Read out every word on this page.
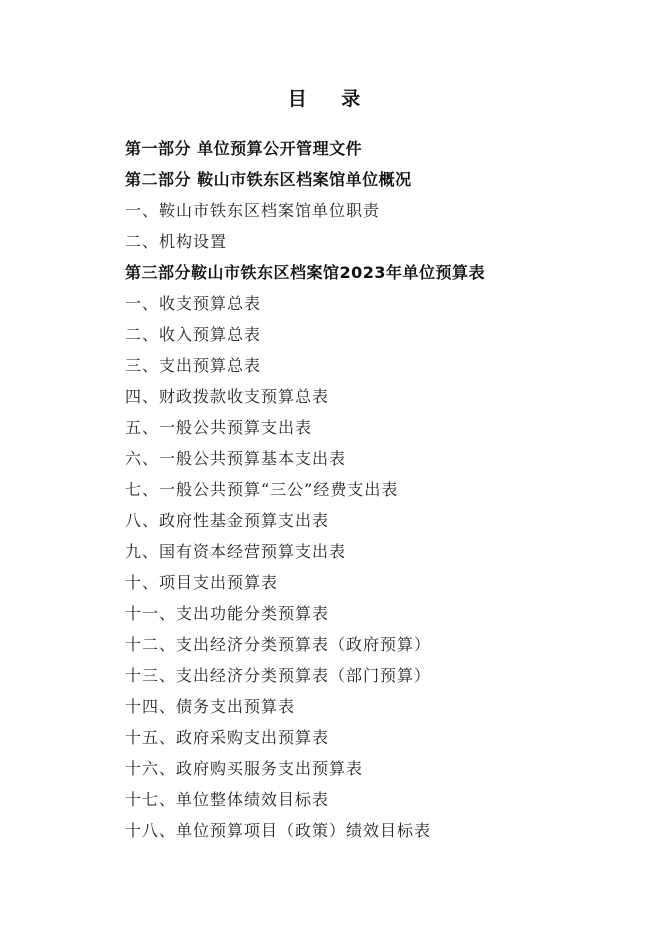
目 录
第一部分 单位预算公开管理文件
第二部分 鞍山市铁东区档案馆单位概况
一、鞍山市铁东区档案馆单位职责
二、机构设置
第三部分鞍山市铁东区档案馆2023年单位预算表
一、收支预算总表
二、收入预算总表
三、支出预算总表
四、财政拨款收支预算总表
五、一般公共预算支出表
六、一般公共预算基本支出表
七、一般公共预算“三公”经费支出表
八、政府性基金预算支出表
九、国有资本经营预算支出表
十、项目支出预算表
十一、支出功能分类预算表
十二、支出经济分类预算表（政府预算）
十三、支出经济分类预算表（部门预算）
十四、债务支出预算表
十五、政府采购支出预算表
十六、政府购买服务支出预算表
十七、单位整体绩效目标表
十八、单位预算项目（政策）绩效目标表
